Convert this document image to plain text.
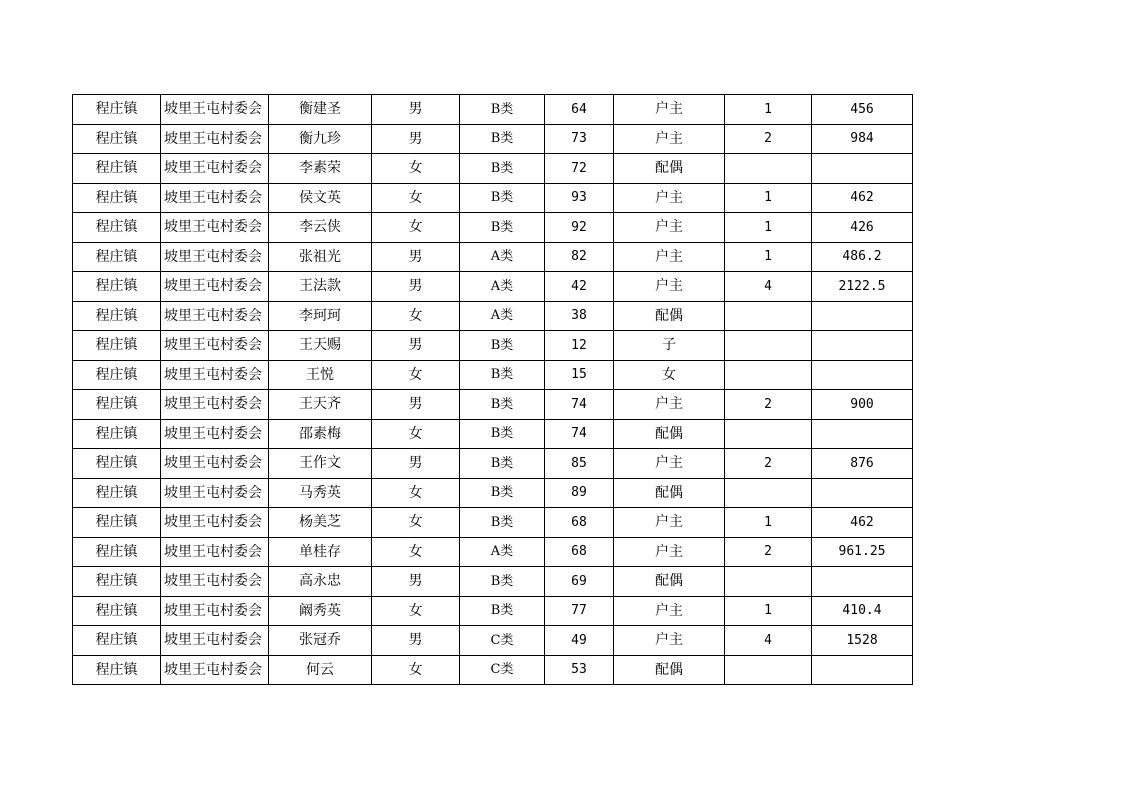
程庄镇	坡里王屯村委会	衡建圣	男	B类	64	户主	1	456
程庄镇	坡里王屯村委会	衡九珍	男	B类	73	户主	2	984
程庄镇	坡里王屯村委会	李素荣	女	B类	72	配偶		
程庄镇	坡里王屯村委会	侯文英	女	B类	93	户主	1	462
程庄镇	坡里王屯村委会	李云侠	女	B类	92	户主	1	426
程庄镇	坡里王屯村委会	张祖光	男	A类	82	户主	1	486.2
程庄镇	坡里王屯村委会	王法款	男	A类	42	户主	4	2122.5
程庄镇	坡里王屯村委会	李珂珂	女	A类	38	配偶		
程庄镇	坡里王屯村委会	王天赐	男	B类	12	子		
程庄镇	坡里王屯村委会	王悦	女	B类	15	女		
程庄镇	坡里王屯村委会	王天齐	男	B类	74	户主	2	900
程庄镇	坡里王屯村委会	邵素梅	女	B类	74	配偶		
程庄镇	坡里王屯村委会	王作文	男	B类	85	户主	2	876
程庄镇	坡里王屯村委会	马秀英	女	B类	89	配偶		
程庄镇	坡里王屯村委会	杨美芝	女	B类	68	户主	1	462
程庄镇	坡里王屯村委会	单桂存	女	A类	68	户主	2	961.25
程庄镇	坡里王屯村委会	高永忠	男	B类	69	配偶		
程庄镇	坡里王屯村委会	阚秀英	女	B类	77	户主	1	410.4
程庄镇	坡里王屯村委会	张冠乔	男	C类	49	户主	4	1528
程庄镇	坡里王屯村委会	何云	女	C类	53	配偶		
